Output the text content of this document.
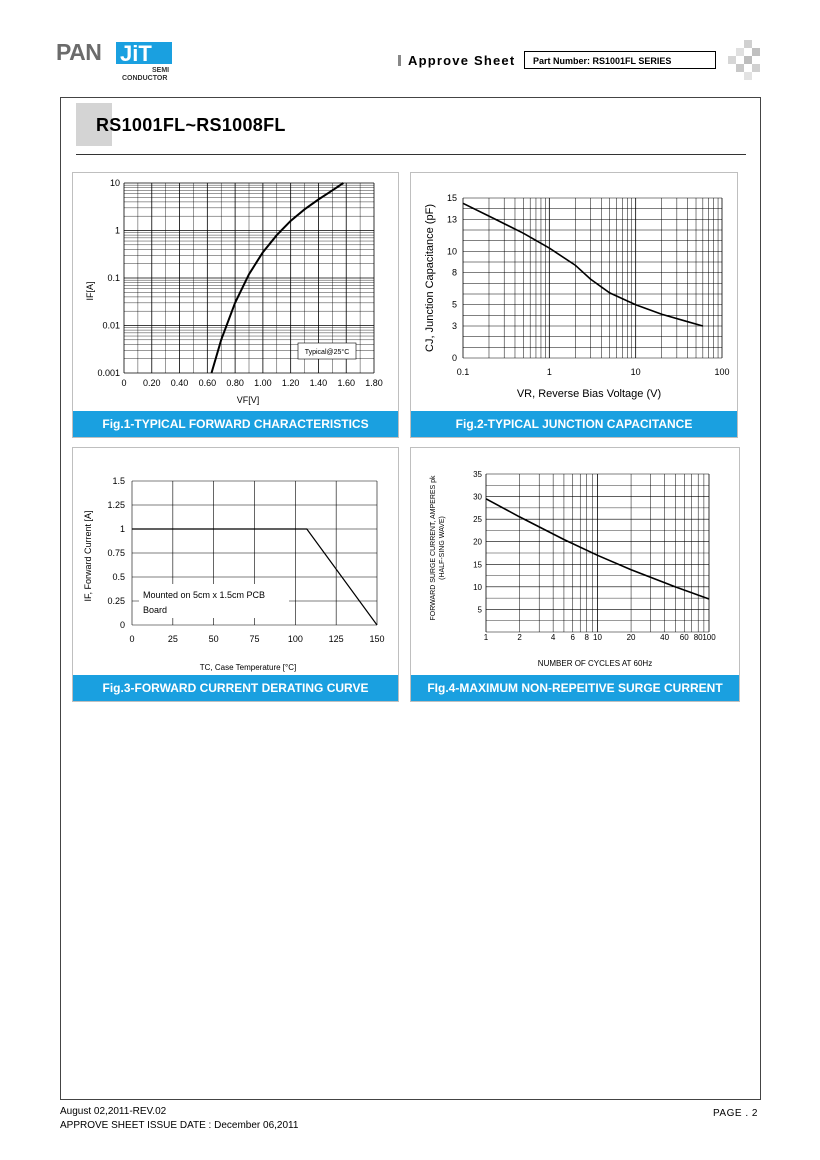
PAN JiT
SEMI
CONDUCTOR
Approve Sheet	Part Number: RS1001FL SERIES
RS1001FL~RS1008FL
0 0.20 0.40 0.60 0.80 1.00 1.20 1.40 1.60 1.80
0.001
0.01
0.1
1
10
Typical@25°C
VF[V]
IF[A]
Fig.1-TYPICAL FORWARD CHARACTERISTICS
0.1	1	10	100
0
3
5
8
10
13
15
VR, Reverse Bias Voltage (V)
CJ, Junction Capacitance (pF)
Fig.2-TYPICAL JUNCTION CAPACITANCE
0	25	50	75	100	125	150
0
0.25
0.5
0.75
1
1.25
1.5
Mounted on 5cm x 1.5cm PCB
Board
TC, Case Temperature [°C]
IF, Forward Current [A]
Fig.3-FORWARD CURRENT DERATING CURVE
1	2	4 6 8 10	20	40 60 80 100
5
10
15
20
25
30
35
NUMBER OF CYCLES AT 60Hz
FORWARD SURGE CURRENT, AMPERES pk (HALF-SING WAVE)
FIg.4-MAXIMUM NON-REPEITIVE SURGE CURRENT
August 02,2011-REV.02
APPROVE SHEET ISSUE DATE : December 06,2011
PAGE . 2
